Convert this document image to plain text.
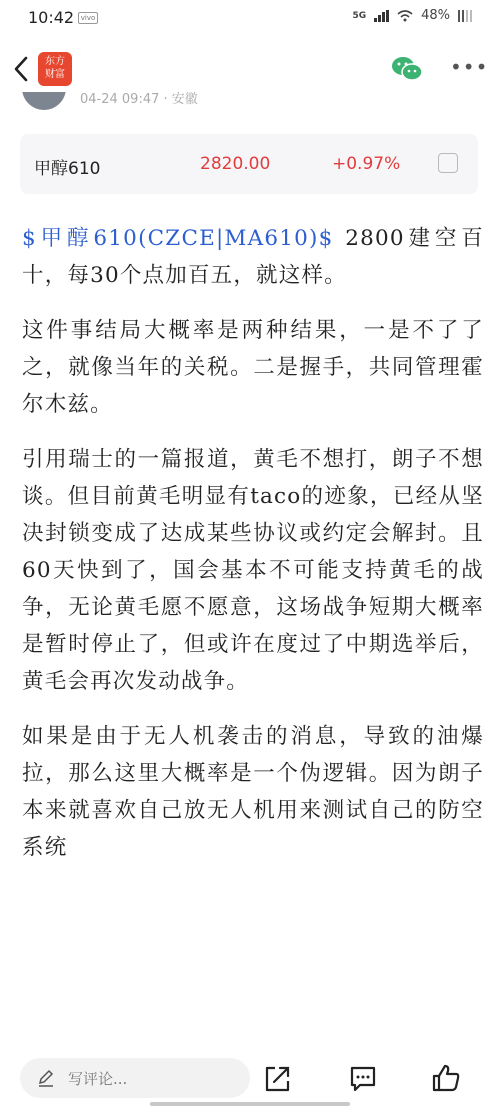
10:42 vivo	5G	48%
东方
财富	•••
04-24 09:47 · 安徽
甲醇610	2820.00	+0.97%

$甲醇610(CZCE|MA610)$ 2800建空百十，每30个点加百五，就这样。

这件事结局大概率是两种结果，一是不了了之，就像当年的关税。二是握手，共同管理霍尔木兹。

引用瑞士的一篇报道，黄毛不想打，朗子不想谈。但目前黄毛明显有taco的迹象，已经从坚决封锁变成了达成某些协议或约定会解封。且60天快到了，国会基本不可能支持黄毛的战争，无论黄毛愿不愿意，这场战争短期大概率是暂时停止了，但或许在度过了中期选举后，黄毛会再次发动战争。

如果是由于无人机袭击的消息，导致的油爆拉，那么这里大概率是一个伪逻辑。因为朗子本来就喜欢自己放无人机用来测试自己的防空系统

写评论...
